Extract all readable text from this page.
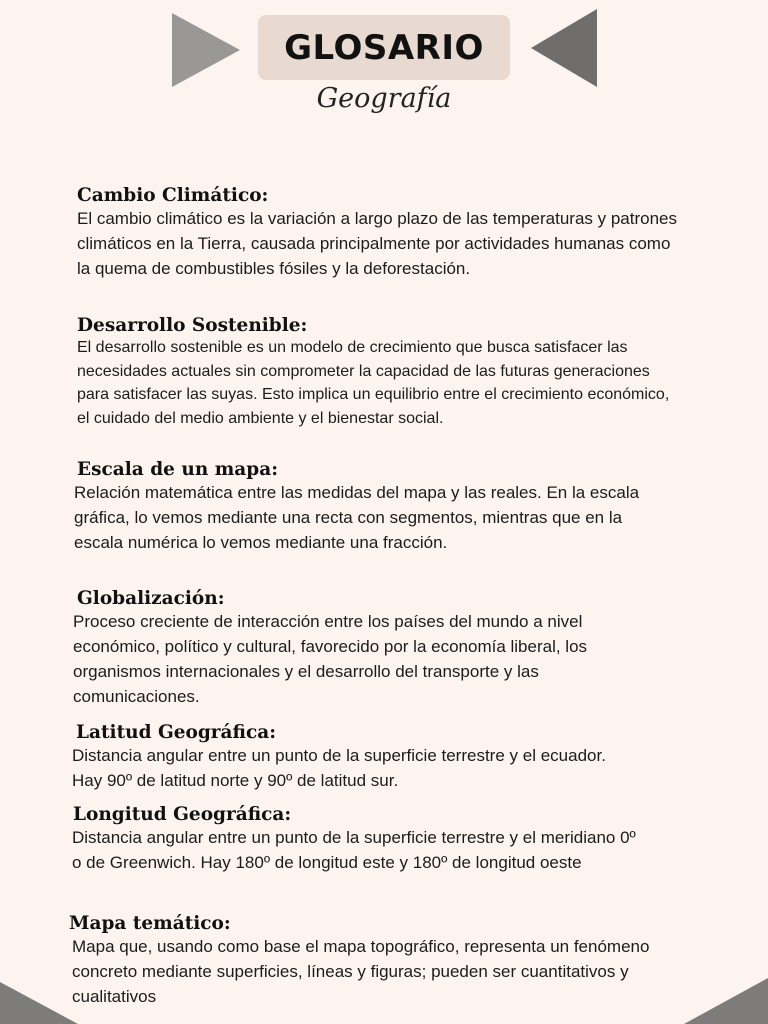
GLOSARIO
Geografía
Cambio Climático:
El cambio climático es la variación a largo plazo de las temperaturas y patrones climáticos en la Tierra, causada principalmente por actividades humanas como la quema de combustibles fósiles y la deforestación.
Desarrollo Sostenible:
El desarrollo sostenible es un modelo de crecimiento que busca satisfacer las necesidades actuales sin comprometer la capacidad de las futuras generaciones para satisfacer las suyas. Esto implica un equilibrio entre el crecimiento económico, el cuidado del medio ambiente y el bienestar social.
Escala de un mapa:
Relación matemática entre las medidas del mapa y las reales. En la escala gráfica, lo vemos mediante una recta con segmentos, mientras que en la escala numérica lo vemos mediante una fracción.
Globalización:
Proceso creciente de interacción entre los países del mundo a nivel económico, político y cultural, favorecido por la economía liberal, los organismos internacionales y el desarrollo del transporte y las comunicaciones.
Latitud Geográfica:
Distancia angular entre un punto de la superficie terrestre y el ecuador. Hay 90º de latitud norte y 90º de latitud sur.
Longitud Geográfica:
Distancia angular entre un punto de la superficie terrestre y el meridiano 0º o de Greenwich. Hay 180º de longitud este y 180º de longitud oeste
Mapa temático:
Mapa que, usando como base el mapa topográfico, representa un fenómeno concreto mediante superficies, líneas y figuras; pueden ser cuantitativos y cualitativos
